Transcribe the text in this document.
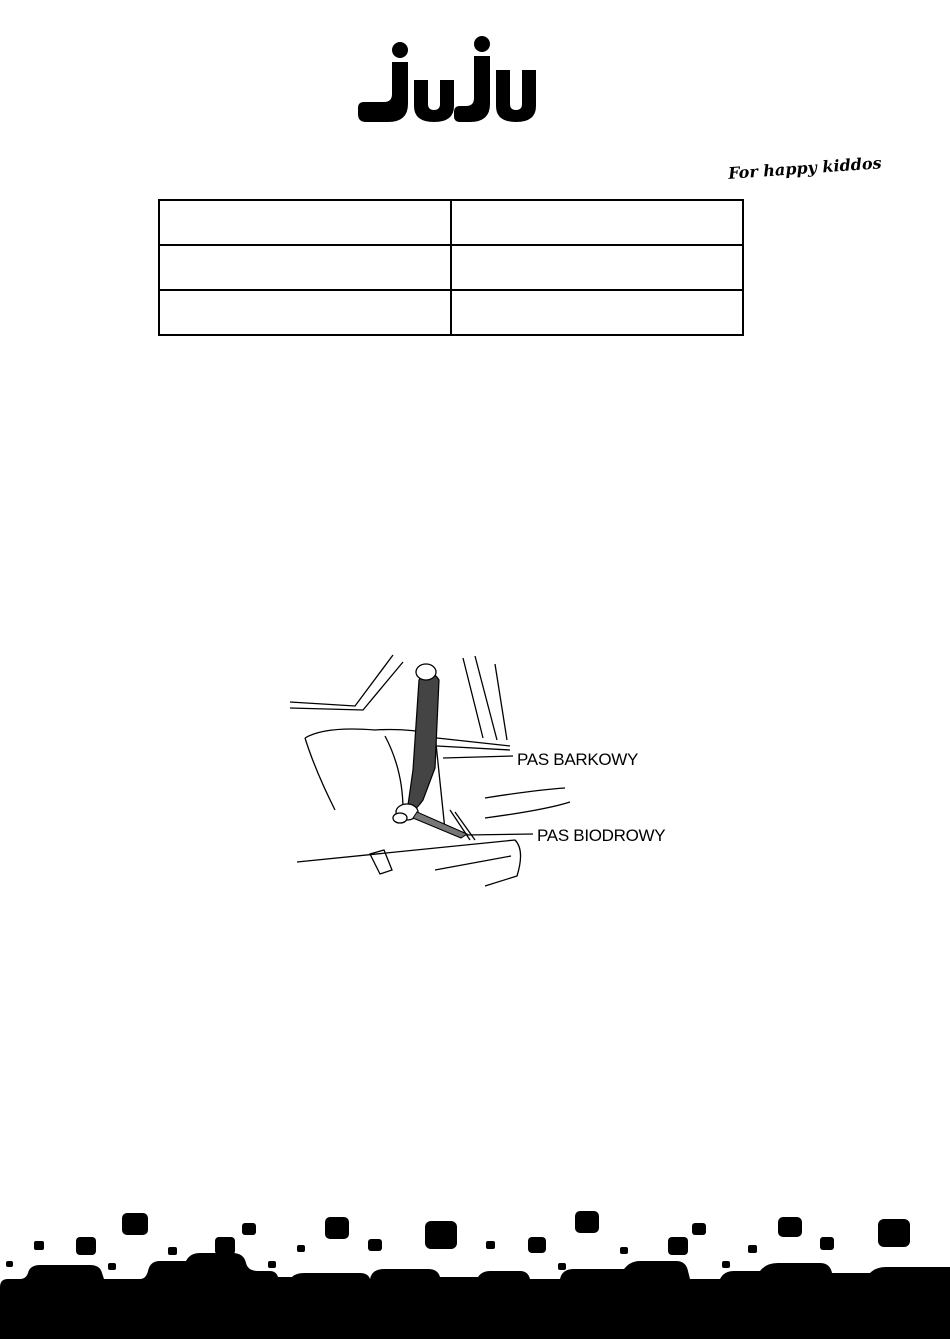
For happy kiddos

PAS BARKOWY
PAS BIODROWY
